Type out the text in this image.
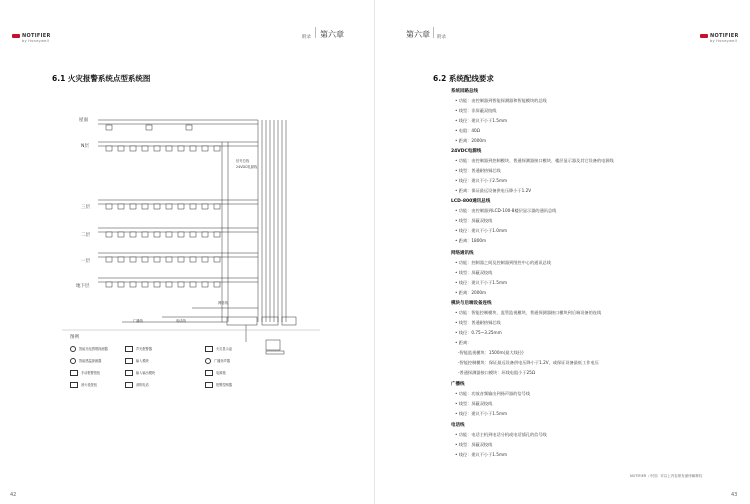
NOTIFIER
by Honeywell
附录 第六章
6.1 火灾报警系统点型系统图
屋面
N层
三层
二层
一层
地下层
信号总线
24VDC电源线
广播线	电话线
网络线
图例
智能光电感烟探测器
智能感温探测器
手动报警按钮
消火栓按钮
声光报警器
输入模块
输入输出模块
消防电话
火灾显示盘
广播扬声器
电源箱
报警控制器
42
第六章 附录	NOTIFIER
by Honeywell
6.2 系统配线要求
NOTIFIER（中国）对以上内容保有最终解释权
43
系统回路总线
• 功能：由控制器到智能探测器和智能模块的总线
• 线型：非屏蔽双绞线
• 线径：建议不小于1.5mm
• 电阻：40Ω
• 距离：2000m
24VDC电源线
• 功能：由控制器到控制模块、普通探测器接口模块、楼层显示器及其它设备的电源线
• 线型：普通耐热铜芯线
• 线径：建议不小于2.5mm
• 距离：保证最远设备供电压降小于1.2V
LCD-800通讯总线
• 功能：由控制器到LCD-100-8楼层显示器的通讯总线
• 线型：屏蔽双绞线
• 线径：建议不小于1.0mm
• 距离：1800m
网络通讯线
• 功能：控制器之间及控制器到图控中心的通讯总线
• 线型：屏蔽双绞线
• 线径：建议不小于1.5mm
• 距离：2000m
模块与后端设备连线
• 功能：智能控制模块、监管监视模块、普通探测器接口模块到后端设备的连线
• 线型：普通耐热铜芯线
• 线径：0.75~3.25mm
• 距离：
-智能监视模块：1500m(最大线径)
-智能控制模块：保证最远设备供电压降小于1.2V，或保证设备最低工作电压
-普通探测器接口模块：环线电阻小于25Ω
广播线
• 功能：功放音频输出到扬声器的信号线
• 线型：屏蔽双绞线
• 线径：建议不小于1.5mm
电话线
• 功能：电话主机到电话分机或电话插孔的信号线
• 线型：屏蔽双绞线
• 线径：建议不小于1.5mm
